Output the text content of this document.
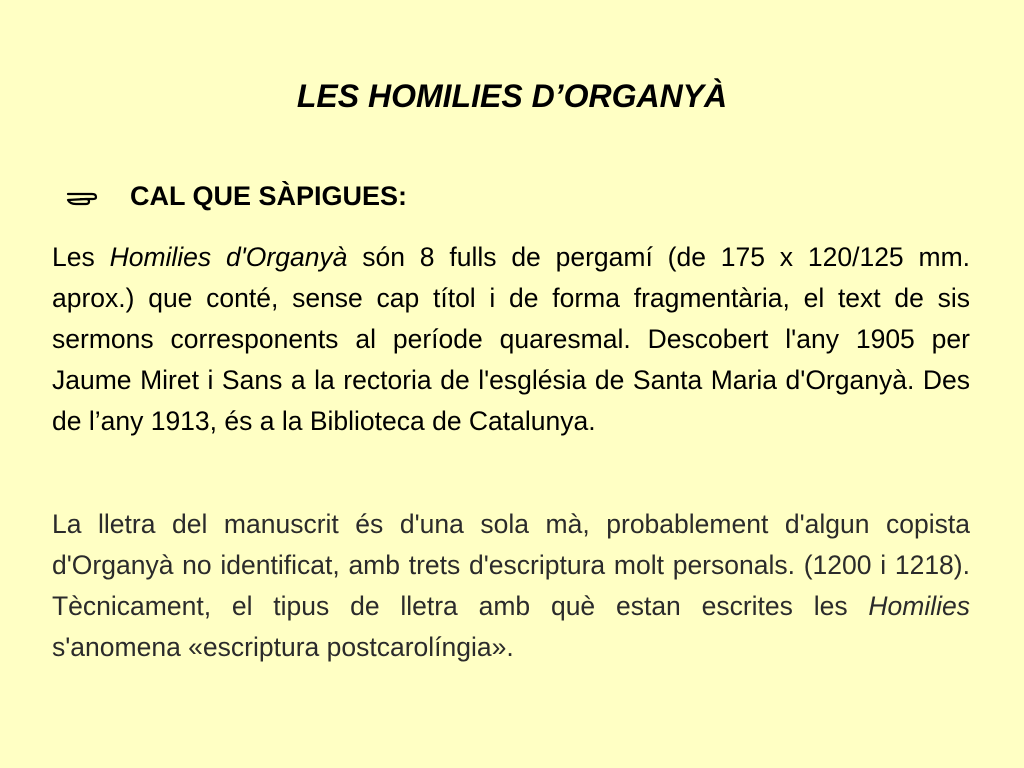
LES HOMILIES D’ORGANYÀ
CAL QUE SÀPIGUES:

Les Homilies d'Organyà són 8 fulls de pergamí (de 175 x 120/125 mm. aprox.) que conté, sense cap títol i de forma fragmentària, el text de sis sermons corresponents al període quaresmal. Descobert l'any 1905 per Jaume Miret i Sans a la rectoria de l'església de Santa Maria d'Organyà. Des de l’any 1913, és a la Biblioteca de Catalunya.

La lletra del manuscrit és d'una sola mà, probablement d'algun copista d'Organyà no identificat, amb trets d'escriptura molt personals. (1200 i 1218). Tècnicament, el tipus de lletra amb què estan escrites les Homilies s'anomena «escriptura postcarolíngia».
